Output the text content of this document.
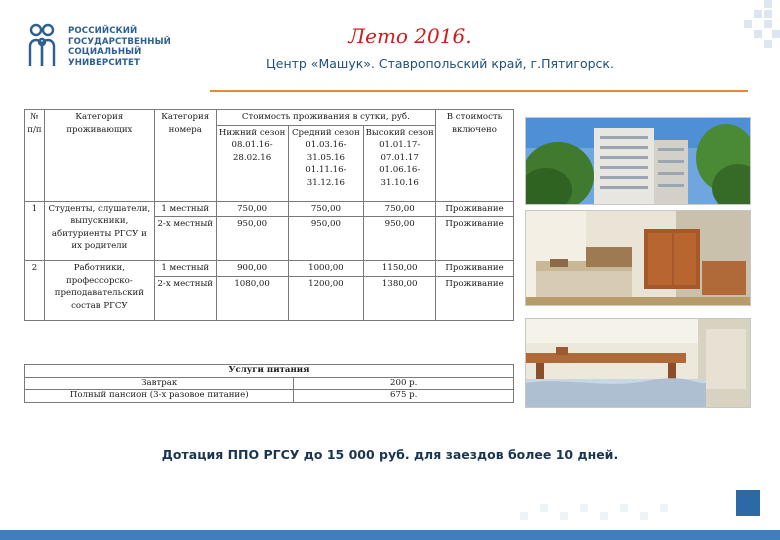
РОССИЙСКИЙ
ГОСУДАРСТВЕННЫЙ
СОЦИАЛЬНЫЙ
УНИВЕРСИТЕТ
Лето 2016.
Центр «Машук». Ставропольский край, г.Пятигорск.
№ п/п	Категория проживающих	Категория номера	Стоимость проживания в сутки, руб.			В стоимость включено
			Нижний сезон 08.01.16-28.02.16	Средний сезон 01.03.16-31.05.16 01.11.16-31.12.16	Высокий сезон 01.01.17-07.01.17 01.06.16-31.10.16	
1	Студенты, слушатели, выпускники, абитуриенты РГСУ и их родители	1 местный	750,00	750,00	750,00	Проживание
		2-х местный	950,00	950,00	950,00	Проживание
2	Работники, профессорско-преподавательский состав РГСУ	1 местный	900,00	1000,00	1150,00	Проживание
		2-х местный	1080,00	1200,00	1380,00	Проживание
Услуги питания	
Завтрак	200 р.
Полный пансион (3-х разовое питание)	675 р.
Дотация ППО РГСУ до 15 000 руб. для заездов более 10 дней.
